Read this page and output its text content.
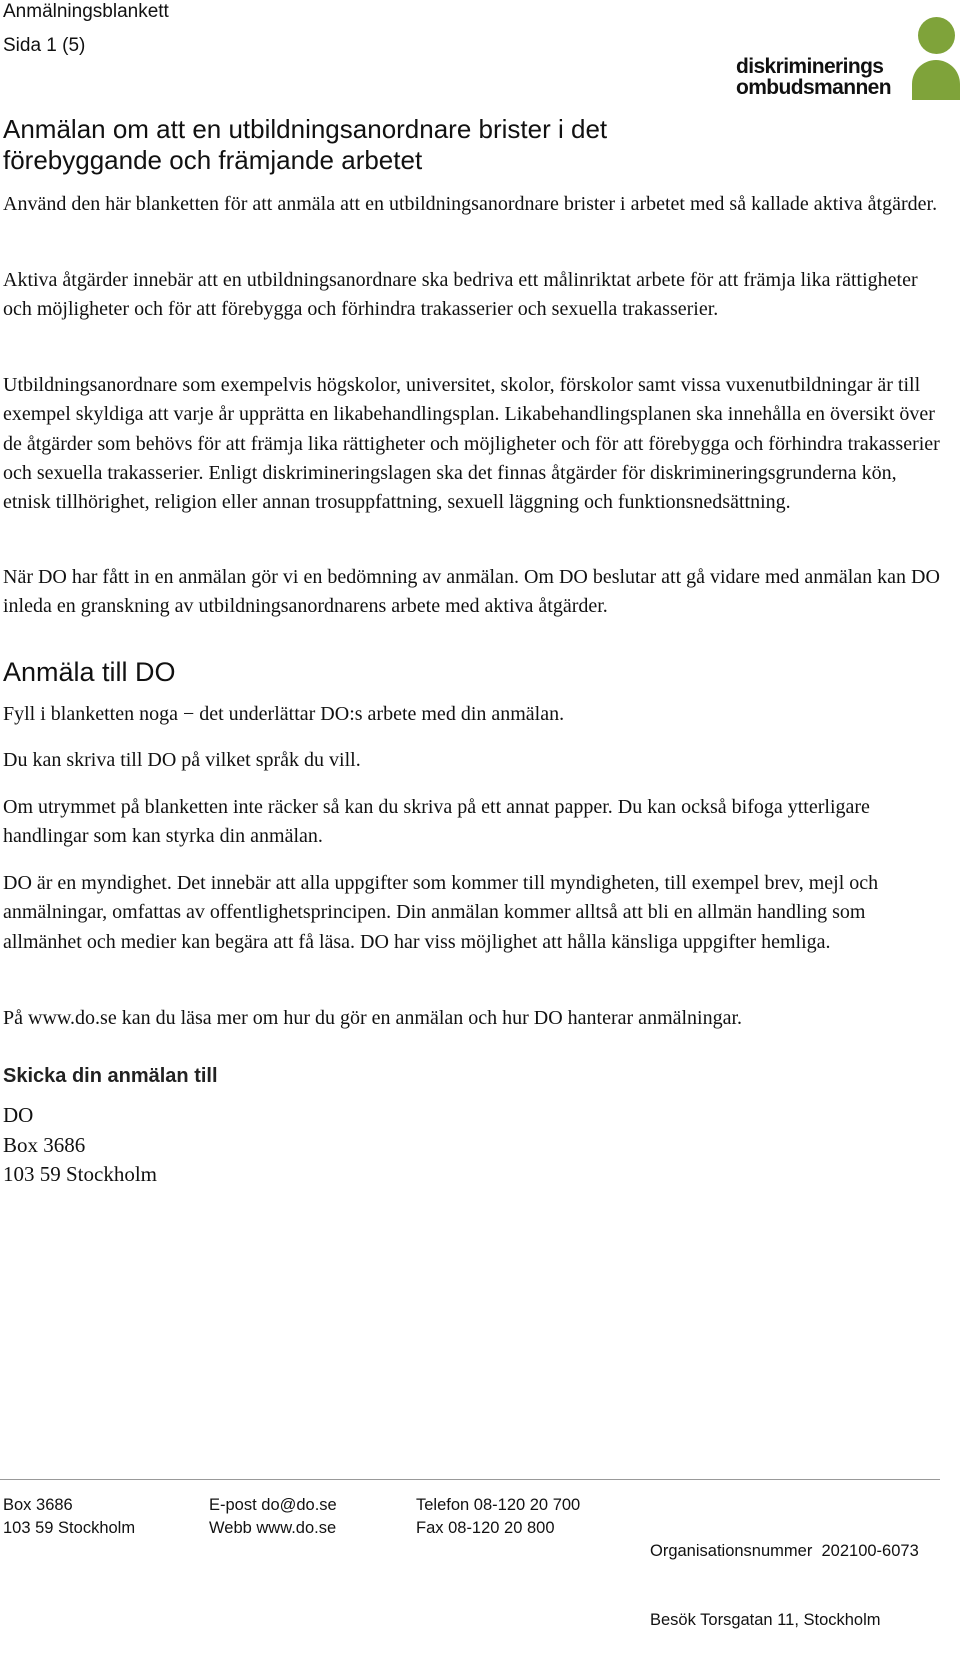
Anmälningsblankett
Sida 1 (5)
diskriminerings
ombudsmannen
Anmälan om att en utbildningsanordnare brister i det
förebyggande och främjande arbetet

Använd den här blanketten för att anmäla att en utbildningsanordnare brister i arbetet med så kallade aktiva åtgärder.

Aktiva åtgärder innebär att en utbildningsanordnare ska bedriva ett målinriktat arbete för att främja lika rättigheter och möjligheter och för att förebygga och förhindra trakasserier och sexuella trakasserier.

Utbildningsanordnare som exempelvis högskolor, universitet, skolor, förskolor samt vissa vuxenutbildningar är till exempel skyldiga att varje år upprätta en likabehandlingsplan. Likabehandlingsplanen ska innehålla en översikt över de åtgärder som behövs för att främja lika rättigheter och möjligheter och för att förebygga och förhindra trakasserier och sexuella trakasserier. Enligt diskrimineringslagen ska det finnas åtgärder för diskrimineringsgrunderna kön, etnisk tillhörighet, religion eller annan trosuppfattning, sexuell läggning och funktionsnedsättning.

När DO har fått in en anmälan gör vi en bedömning av anmälan. Om DO beslutar att gå vidare med anmälan kan DO inleda en granskning av utbildningsanordnarens arbete med aktiva åtgärder.

Anmäla till DO

Fyll i blanketten noga − det underlättar DO:s arbete med din anmälan.

Du kan skriva till DO på vilket språk du vill.

Om utrymmet på blanketten inte räcker så kan du skriva på ett annat papper. Du kan också bifoga ytterligare handlingar som kan styrka din anmälan.

DO är en myndighet. Det innebär att alla uppgifter som kommer till myndigheten, till exempel brev, mejl och anmälningar, omfattas av offentlighetsprincipen. Din anmälan kommer alltså att bli en allmän handling som allmänhet och medier kan begära att få läsa. DO har viss möjlighet att hålla känsliga uppgifter hemliga.

På www.do.se kan du läsa mer om hur du gör en anmälan och hur DO hanterar anmälningar.

Skicka din anmälan till
DO
Box 3686
103 59 Stockholm
Box 3686
103 59 Stockholm
E-post do@do.se
Webb www.do.se
Telefon 08-120 20 700
Fax 08-120 20 800

Organisationsnummer  202100-6073

Besök Torsgatan 11, Stockholm
